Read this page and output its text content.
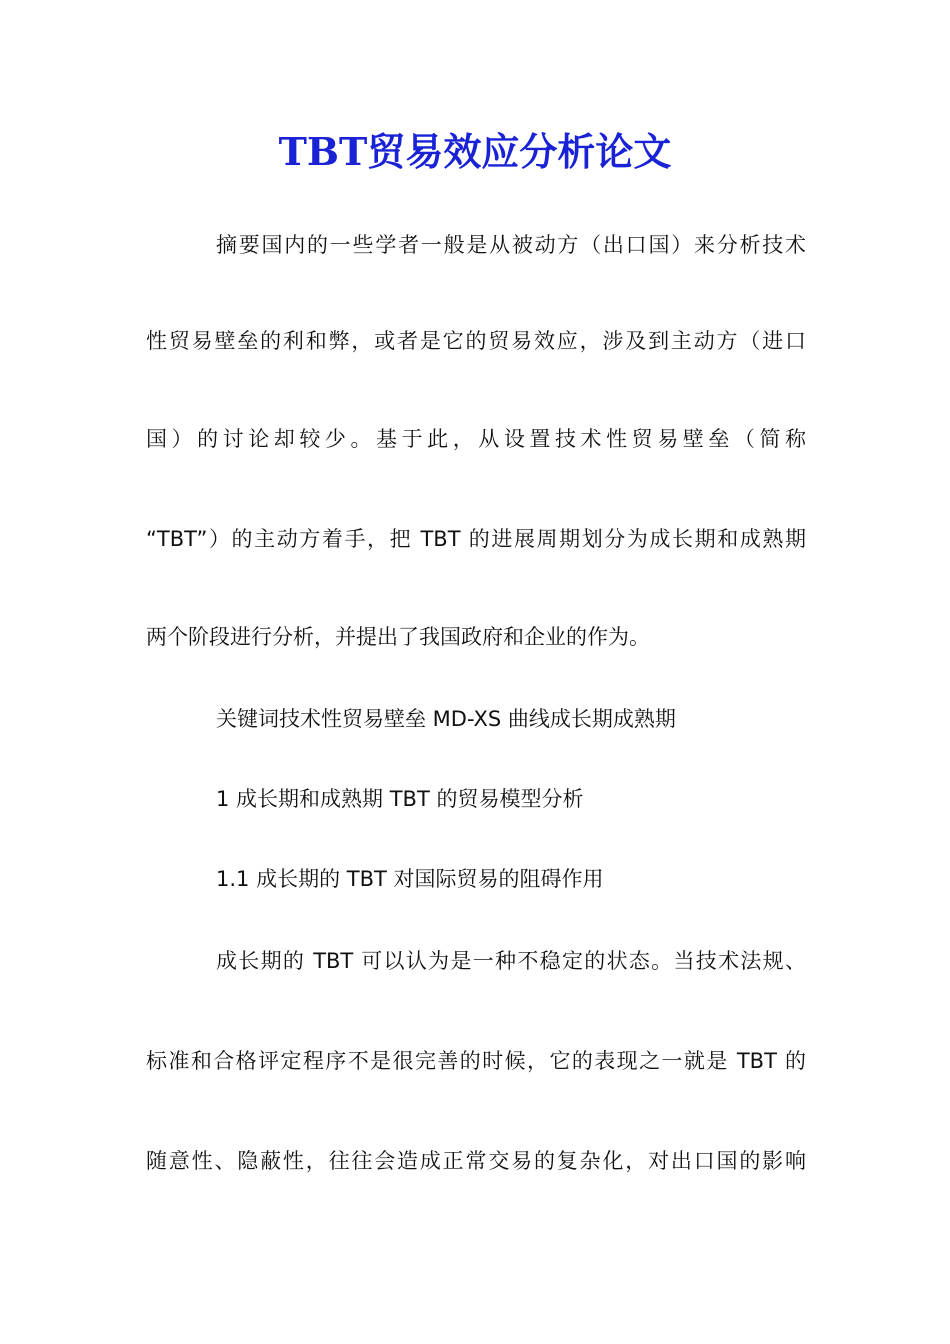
TBT贸易效应分析论文

摘要国内的一些学者一般是从被动方（出口国）来分析技术

性贸易壁垒的利和弊，或者是它的贸易效应，涉及到主动方（进口

国）的讨论却较少。基于此，从设置技术性贸易壁垒（简称

“TBT”）的主动方着手，把 TBT 的进展周期划分为成长期和成熟期

两个阶段进行分析，并提出了我国政府和企业的作为。

关键词技术性贸易壁垒 MD-XS 曲线成长期成熟期

1 成长期和成熟期 TBT 的贸易模型分析

1.1 成长期的 TBT 对国际贸易的阻碍作用

成长期的 TBT 可以认为是一种不稳定的状态。当技术法规、

标准和合格评定程序不是很完善的时候，它的表现之一就是 TBT 的

随意性、隐蔽性，往往会造成正常交易的复杂化，对出口国的影响
